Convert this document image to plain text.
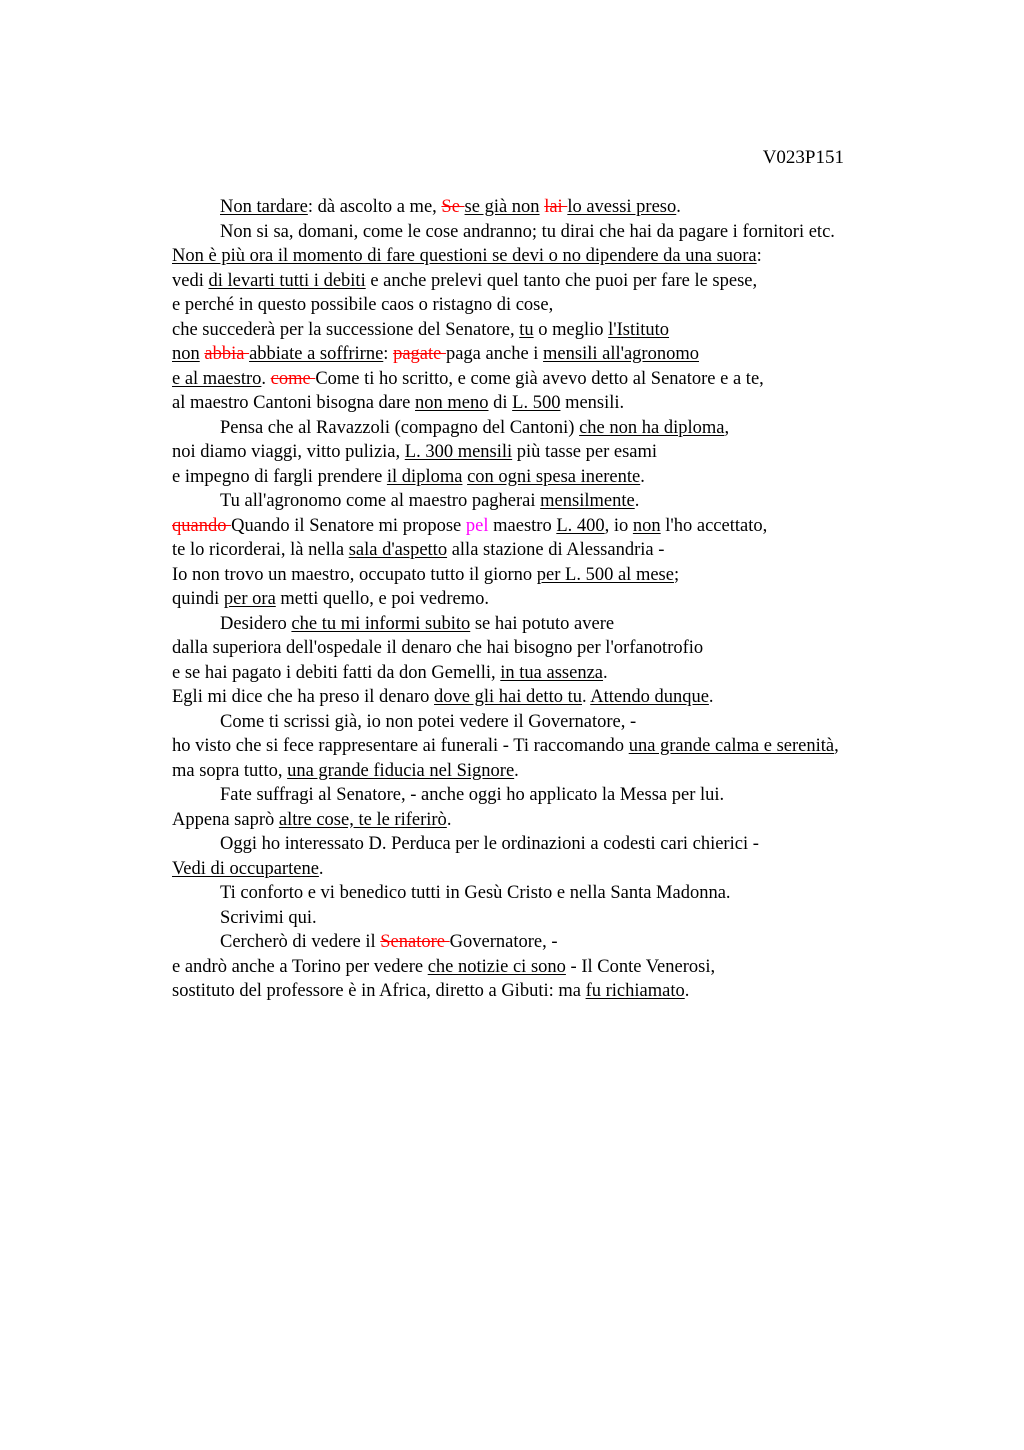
V023P151
Non tardare: dà ascolto a me, Se se già non lai lo avessi preso.
Non si sa, domani, come le cose andranno; tu dirai che hai da pagare i fornitori etc.
Non è più ora il momento di fare questioni se devi o no dipendere da una suora:
vedi di levarti tutti i debiti e anche prelevi quel tanto che puoi per fare le spese,
e perché in questo possibile caos o ristagno di cose,
che succederà per la successione del Senatore, tu o meglio l'Istituto
non abbia abbiate a soffrirne: pagate paga anche i mensili all'agronomo
e al maestro. come Come ti ho scritto, e come già avevo detto al Senatore e a te,
al maestro Cantoni bisogna dare non meno di L. 500 mensili.
Pensa che al Ravazzoli (compagno del Cantoni) che non ha diploma,
noi diamo viaggi, vitto pulizia, L. 300 mensili più tasse per esami
e impegno di fargli prendere il diploma con ogni spesa inerente.
Tu all'agronomo come al maestro pagherai mensilmente.
quando Quando il Senatore mi propose pel maestro L. 400, io non l'ho accettato,
te lo ricorderai, là nella sala d'aspetto alla stazione di Alessandria -
Io non trovo un maestro, occupato tutto il giorno per L. 500 al mese;
quindi per ora metti quello, e poi vedremo.
Desidero che tu mi informi subito se hai potuto avere
dalla superiora dell'ospedale il denaro che hai bisogno per l'orfanotrofio
e se hai pagato i debiti fatti da don Gemelli, in tua assenza.
Egli mi dice che ha preso il denaro dove gli hai detto tu. Attendo dunque.
Come ti scrissi già, io non potei vedere il Governatore, -
ho visto che si fece rappresentare ai funerali - Ti raccomando una grande calma e serenità,
ma sopra tutto, una grande fiducia nel Signore.
Fate suffragi al Senatore, - anche oggi ho applicato la Messa per lui.
Appena saprò altre cose, te le riferirò.
Oggi ho interessato D. Perduca per le ordinazioni a codesti cari chierici -
Vedi di occupartene.
Ti conforto e vi benedico tutti in Gesù Cristo e nella Santa Madonna.
Scrivimi qui.
Cercherò di vedere il Senatore Governatore, -
e andrò anche a Torino per vedere che notizie ci sono - Il Conte Venerosi,
sostituto del professore è in Africa, diretto a Gibuti: ma fu richiamato.
